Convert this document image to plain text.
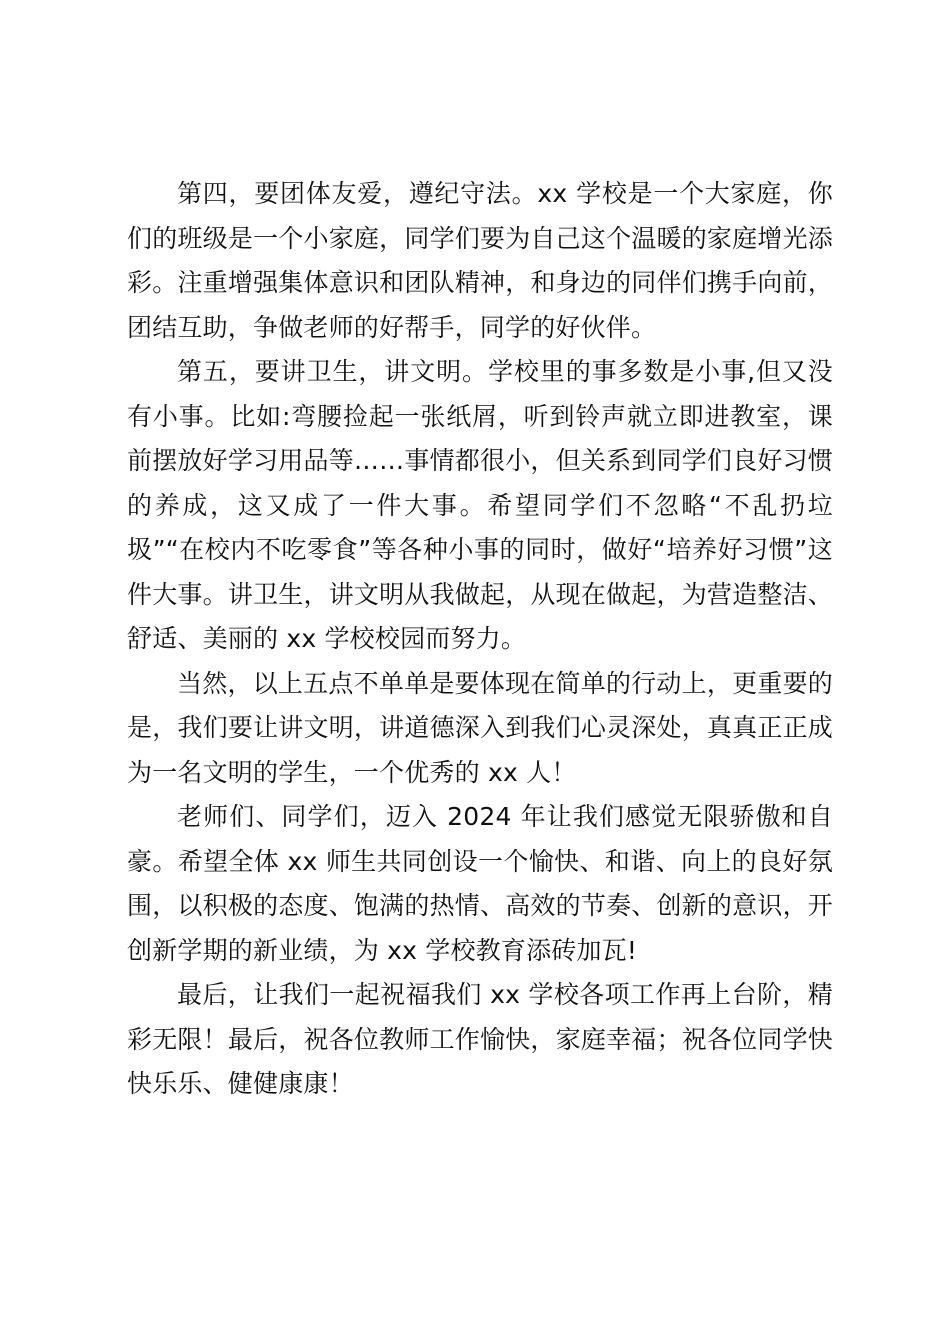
第四，要团体友爱，遵纪守法。xx 学校是一个大家庭，你们的班级是一个小家庭，同学们要为自己这个温暖的家庭增光添彩。注重增强集体意识和团队精神，和身边的同伴们携手向前，团结互助，争做老师的好帮手，同学的好伙伴。

第五，要讲卫生，讲文明。学校里的事多数是小事,但又没有小事。比如:弯腰捡起一张纸屑，听到铃声就立即进教室，课前摆放好学习用品等……事情都很小，但关系到同学们良好习惯的养成，这又成了一件大事。希望同学们不忽略“不乱扔垃圾”“在校内不吃零食”等各种小事的同时，做好“培养好习惯”这件大事。讲卫生，讲文明从我做起，从现在做起，为营造整洁、舒适、美丽的 xx 学校校园而努力。

当然，以上五点不单单是要体现在简单的行动上，更重要的是，我们要让讲文明，讲道德深入到我们心灵深处，真真正正成为一名文明的学生，一个优秀的 xx 人！

老师们、同学们，迈入 2024 年让我们感觉无限骄傲和自豪。希望全体 xx 师生共同创设一个愉快、和谐、向上的良好氛围，以积极的态度、饱满的热情、高效的节奏、创新的意识，开创新学期的新业绩，为 xx 学校教育添砖加瓦!

最后，让我们一起祝福我们 xx 学校各项工作再上台阶，精彩无限！最后，祝各位教师工作愉快，家庭幸福；祝各位同学快快乐乐、健健康康！
